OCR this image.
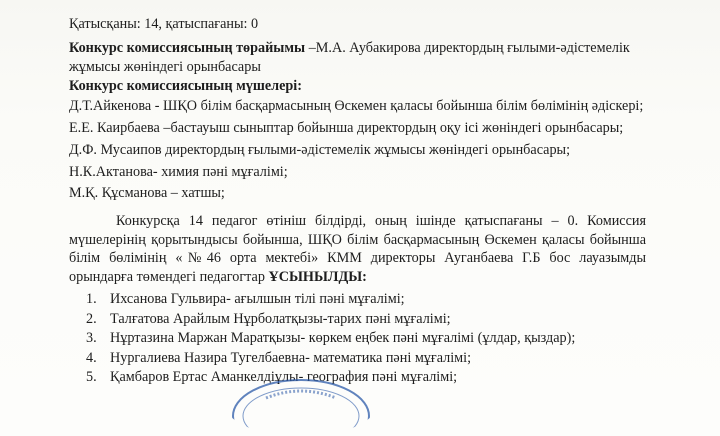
Қатысқаны: 14, қатыспағаны: 0
Конкурс комиссиясының төрайымы –М.А. Аубакирова директордың ғылыми-әдістемелік
жұмысы жөніндегі орынбасары
Конкурс комиссиясының мүшелері:
Д.Т.Айкенова - ШҚО білім басқармасының Өскемен қаласы бойынша білім бөлімінің әдіскері;
Е.Е. Каирбаева –бастауыш сыныптар бойынша директордың оқу ісі жөніндегі орынбасары;
Д.Ф. Мусаипов директордың ғылыми-әдістемелік жұмысы жөніндегі орынбасары;
Н.К.Актанова- химия пәні мұғалімі;
М.Қ. Құсманова – хатшы;
Конкурсқа 14 педагог өтініш білдірді, оның ішінде қатыспағаны – 0. Комиссия
мүшелерінің қорытындысы бойынша, ШҚО білім басқармасының Өскемен қаласы бойынша
білім бөлімінің «№46 орта мектебі» КММ директоры Ауганбаева Г.Б бос лауазымды
орындарға төмендегі педагогтар ҰСЫНЫЛДЫ:
1. Ихсанова Гульвира- ағылшын тілі пәні мұғалімі;
2. Талғатова Арайлым Нұрболатқызы-тарих пәні мұғалімі;
3. Нұртазина Маржан Маратқызы- көркем еңбек пәні мұғалімі (ұлдар, қыздар);
4. Нургалиева Назира Тугелбаевна- математика пәні мұғалімі;
5. Қамбаров Ертас Аманкелдіұлы- география пәні мұғалімі;
